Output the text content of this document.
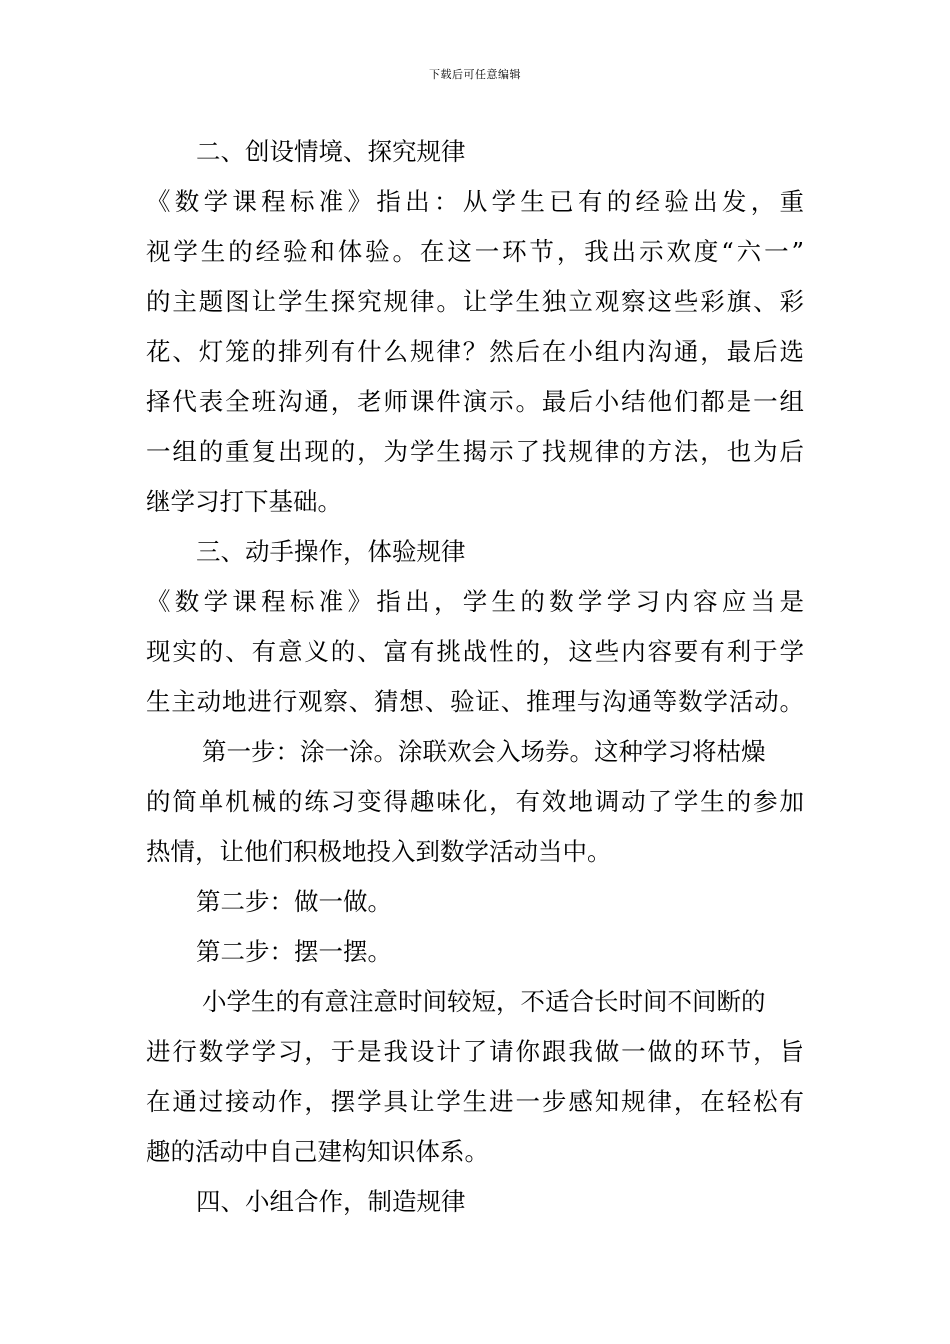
下载后可任意编辑
二、创设情境、探究规律
《数学课程标准》指出：从学生已有的经验出发，重
视学生的经验和体验。在这一环节，我出示欢度“六一”
的主题图让学生探究规律。让学生独立观察这些彩旗、彩
花、灯笼的排列有什么规律？然后在小组内沟通，最后选
择代表全班沟通，老师课件演示。最后小结他们都是一组
一组的重复出现的，为学生揭示了找规律的方法，也为后
继学习打下基础。
三、动手操作，体验规律
《数学课程标准》指出，学生的数学学习内容应当是
现实的、有意义的、富有挑战性的，这些内容要有利于学
生主动地进行观察、猜想、验证、推理与沟通等数学活动。
第一步：涂一涂。涂联欢会入场券。这种学习将枯燥
的简单机械的练习变得趣味化，有效地调动了学生的参加
热情，让他们积极地投入到数学活动当中。
第二步：做一做。
第二步：摆一摆。
小学生的有意注意时间较短，不适合长时间不间断的
进行数学学习，于是我设计了请你跟我做一做的环节，旨
在通过接动作，摆学具让学生进一步感知规律，在轻松有
趣的活动中自己建构知识体系。
四、小组合作，制造规律
